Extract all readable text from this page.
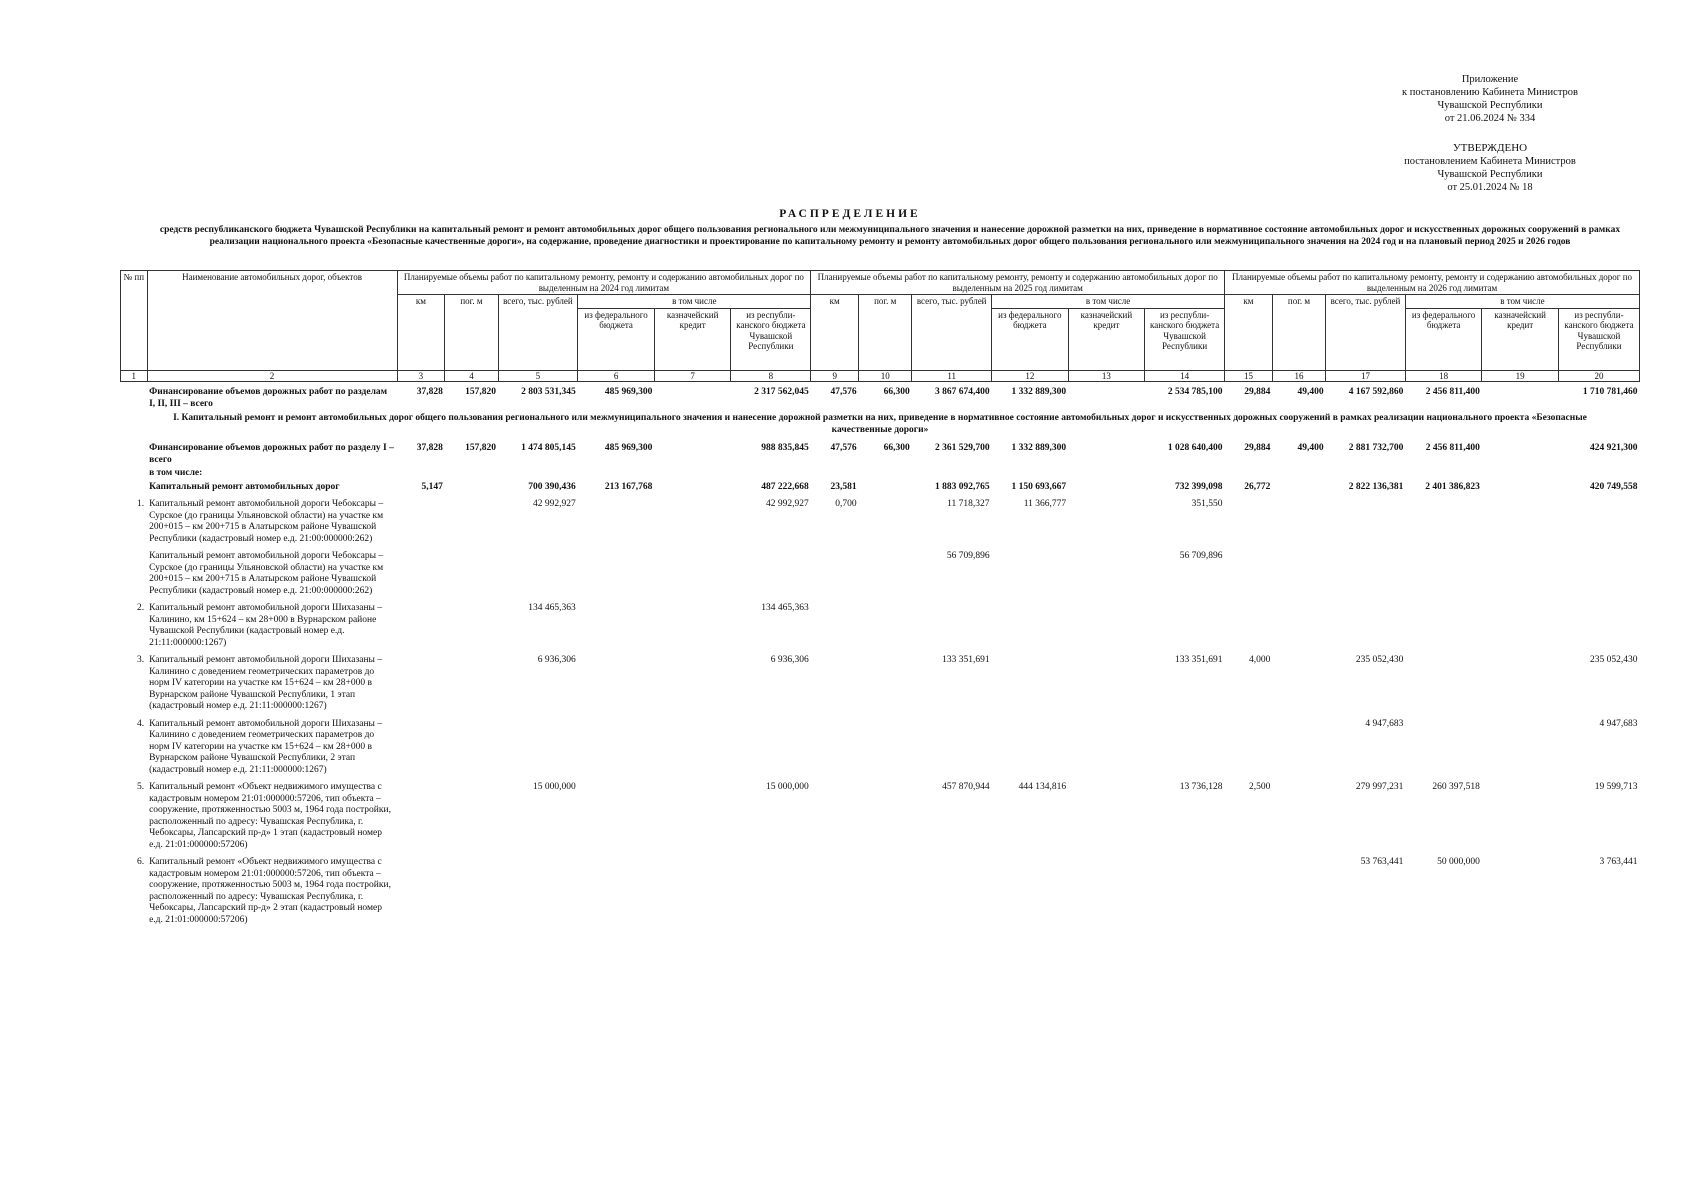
Приложение
к постановлению Кабинета Министров
Чувашской Республики
от 21.06.2024 № 334
УТВЕРЖДЕНО
постановлением Кабинета Министров
Чувашской Республики
от 25.01.2024 № 18
РАСПРЕДЕЛЕНИЕ
средств республиканского бюджета Чувашской Республики на капитальный ремонт и ремонт автомобильных дорог общего пользования регионального или межмуниципального значения и нанесение дорожной разметки на них, приведение в нормативное состояние автомобильных дорог и искусственных дорожных сооружений в рамках реализации национального проекта «Безопасные качественные дороги», на содержание, проведение диагностики и проектирование по капитальному ремонту и ремонту автомобильных дорог общего пользования регионального или межмуниципального значения на 2024 год и на плановый период 2025 и 2026 годов
№ пп	Наименование автомобильных дорог, объектов	Планируемые объемы работ по капитальному ремонту, ремонту и содержанию автомобильных дорог по выделенным на 2024 год лимитам						Планируемые объемы работ по капитальному ремонту, ремонту и содержанию автомобильных дорог по выделенным на 2025 год лимитам						Планируемые объемы работ по капитальному ремонту, ремонту и содержанию автомобильных дорог по выделенным на 2026 год лимитам					
		км	пог. м	всего, тыс. рублей	в том числе			км	пог. м	всего, тыс. рублей	в том числе			км	пог. м	всего, тыс. рублей	в том числе		
					из федерального бюджета	казначейский кредит	из республи-канского бюджета Чувашской Республики				из федерального бюджета	казначейский кредит	из республи-канского бюджета Чувашской Республики				из федерального бюджета	казначейский кредит	из республи-канского бюджета Чувашской Республики
1	2	3	4	5	6	7	8	9	10	11	12	13	14	15	16	17	18	19	20
	Финансирование объемов дорожных работ по разделам I, II, III – всего	37,828	157,820	2 803 531,345	485 969,300		2 317 562,045	47,576	66,300	3 867 674,400	1 332 889,300		2 534 785,100	29,884	49,400	4 167 592,860	2 456 811,400		1 710 781,460
I. Капитальный ремонт и ремонт автомобильных дорог общего пользования регионального или межмуниципального значения и нанесение дорожной разметки на них, приведение в нормативное состояние автомобильных дорог и искусственных дорожных сооружений в рамках реализации национального проекта «Безопасные качественные дороги»																			
	Финансирование объемов дорожных работ по разделу I – всего	37,828	157,820	1 474 805,145	485 969,300		988 835,845	47,576	66,300	2 361 529,700	1 332 889,300		1 028 640,400	29,884	49,400	2 881 732,700	2 456 811,400		424 921,300
	в том числе:																		
	Капитальный ремонт автомобильных дорог	5,147		700 390,436	213 167,768		487 222,668	23,581		1 883 092,765	1 150 693,667		732 399,098	26,772		2 822 136,381	2 401 386,823		420 749,558
1.	Капитальный ремонт автомобильной дороги Чебоксары – Сурское (до границы Ульяновской области) на участке км 200+015 – км 200+715 в Алатырском районе Чувашской Республики (кадастровый номер е.д. 21:00:000000:262)			42 992,927			42 992,927	0,700		11 718,327	11 366,777		351,550						
	Капитальный ремонт автомобильной дороги Чебоксары – Сурское (до границы Ульяновской области) на участке км 200+015 – км 200+715 в Алатырском районе Чувашской Республики (кадастровый номер е.д. 21:00:000000:262)									56 709,896			56 709,896						
2.	Капитальный ремонт автомобильной дороги Шихазаны – Калинино, км 15+624 – км 28+000 в Вурнарском районе Чувашской Республики (кадастровый номер е.д. 21:11:000000:1267)			134 465,363			134 465,363												
3.	Капитальный ремонт автомобильной дороги Шихазаны – Калинино с доведением геометрических параметров до норм IV категории на участке км 15+624 – км 28+000 в Вурнарском районе Чувашской Республики, 1 этап (кадастровый номер е.д. 21:11:000000:1267)			6 936,306			6 936,306			133 351,691			133 351,691	4,000		235 052,430			235 052,430
4.	Капитальный ремонт автомобильной дороги Шихазаны – Калинино с доведением геометрических параметров до норм IV категории на участке км 15+624 – км 28+000 в Вурнарском районе Чувашской Республики, 2 этап (кадастровый номер е.д. 21:11:000000:1267)															4 947,683			4 947,683
5.	Капитальный ремонт «Объект недвижимого имущества с кадастровым номером 21:01:000000:57206, тип объекта – сооружение, протяженностью 5003 м, 1964 года постройки, расположенный по адресу: Чувашская Республика, г. Чебоксары, Лапсарский пр-д» 1 этап (кадастровый номер е.д. 21:01:000000:57206)			15 000,000			15 000,000			457 870,944	444 134,816		13 736,128	2,500		279 997,231	260 397,518		19 599,713
6.	Капитальный ремонт «Объект недвижимого имущества с кадастровым номером 21:01:000000:57206, тип объекта – сооружение, протяженностью 5003 м, 1964 года постройки, расположенный по адресу: Чувашская Республика, г. Чебоксары, Лапсарский пр-д» 2 этап (кадастровый номер е.д. 21:01:000000:57206)															53 763,441	50 000,000		3 763,441
